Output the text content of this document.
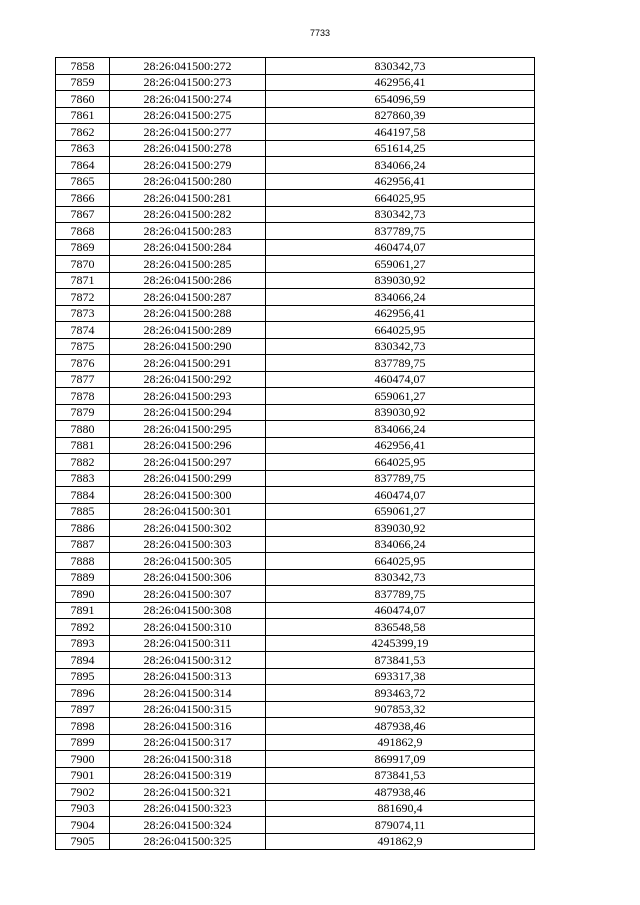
7733
7858	28:26:041500:272	830342,73
7859	28:26:041500:273	462956,41
7860	28:26:041500:274	654096,59
7861	28:26:041500:275	827860,39
7862	28:26:041500:277	464197,58
7863	28:26:041500:278	651614,25
7864	28:26:041500:279	834066,24
7865	28:26:041500:280	462956,41
7866	28:26:041500:281	664025,95
7867	28:26:041500:282	830342,73
7868	28:26:041500:283	837789,75
7869	28:26:041500:284	460474,07
7870	28:26:041500:285	659061,27
7871	28:26:041500:286	839030,92
7872	28:26:041500:287	834066,24
7873	28:26:041500:288	462956,41
7874	28:26:041500:289	664025,95
7875	28:26:041500:290	830342,73
7876	28:26:041500:291	837789,75
7877	28:26:041500:292	460474,07
7878	28:26:041500:293	659061,27
7879	28:26:041500:294	839030,92
7880	28:26:041500:295	834066,24
7881	28:26:041500:296	462956,41
7882	28:26:041500:297	664025,95
7883	28:26:041500:299	837789,75
7884	28:26:041500:300	460474,07
7885	28:26:041500:301	659061,27
7886	28:26:041500:302	839030,92
7887	28:26:041500:303	834066,24
7888	28:26:041500:305	664025,95
7889	28:26:041500:306	830342,73
7890	28:26:041500:307	837789,75
7891	28:26:041500:308	460474,07
7892	28:26:041500:310	836548,58
7893	28:26:041500:311	4245399,19
7894	28:26:041500:312	873841,53
7895	28:26:041500:313	693317,38
7896	28:26:041500:314	893463,72
7897	28:26:041500:315	907853,32
7898	28:26:041500:316	487938,46
7899	28:26:041500:317	491862,9
7900	28:26:041500:318	869917,09
7901	28:26:041500:319	873841,53
7902	28:26:041500:321	487938,46
7903	28:26:041500:323	881690,4
7904	28:26:041500:324	879074,11
7905	28:26:041500:325	491862,9
